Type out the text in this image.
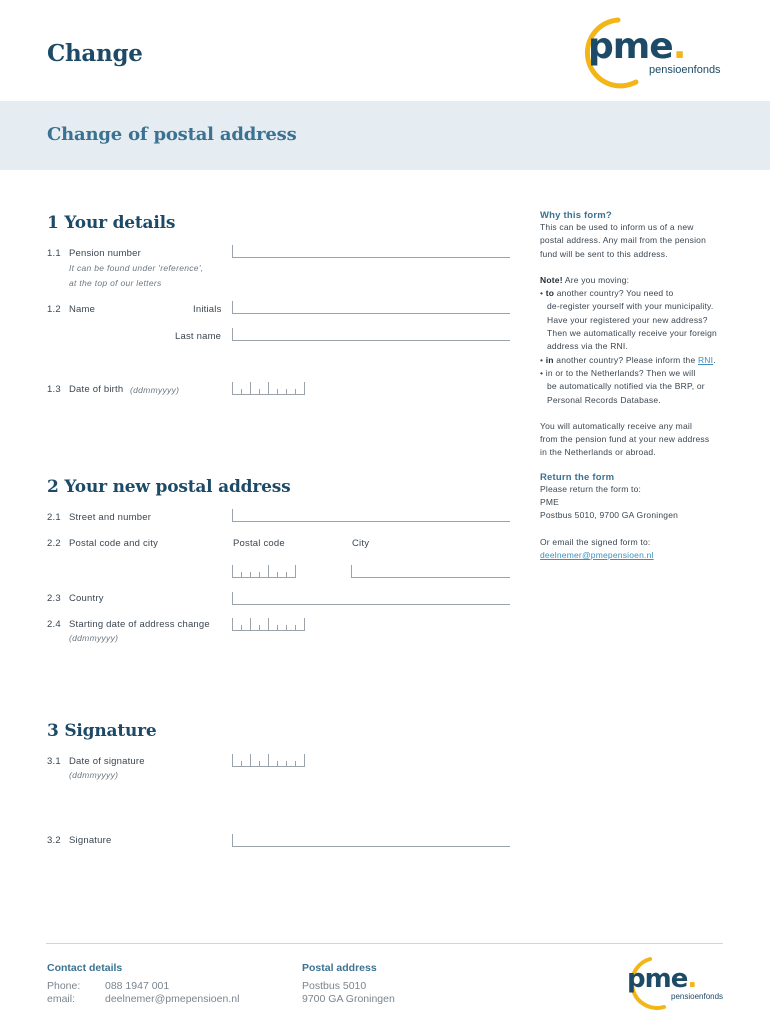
Change	pme.
pensioenfonds
Change of postal address
1 Your details
1.1 Pension number
It can be found under 'reference',
at the top of our letters
1.2 Name	Initials
Last name
1.3 Date of birth (ddmmyyyy)
2 Your new postal address
2.1 Street and number
2.2 Postal code and city	Postal code	City
2.3 Country
2.4 Starting date of address change
(ddmmyyyy)
3 Signature
3.1 Date of signature
(ddmmyyyy)
3.2 Signature
Why this form?
This can be used to inform us of a new
postal address. Any mail from the pension
fund will be sent to this address.
Note! Are you moving:
• to another country? You need to
de-register yourself with your municipality.
Have your registered your new address?
Then we automatically receive your foreign
address via the RNI.
• in another country? Please inform the RNI.
• in or to the Netherlands? Then we will
be automatically notified via the BRP, or
Personal Records Database.
You will automatically receive any mail
from the pension fund at your new address
in the Netherlands or abroad.
Return the form
Please return the form to:
PME
Postbus 5010, 9700 GA Groningen
Or email the signed form to:
deelnemer@pmepensioen.nl
Contact details
Phone: 088 1947 001
email:	deelnemer@pmepensioen.nl
Postal address
Postbus 5010
9700 GA Groningen
pme.
pensioenfonds
